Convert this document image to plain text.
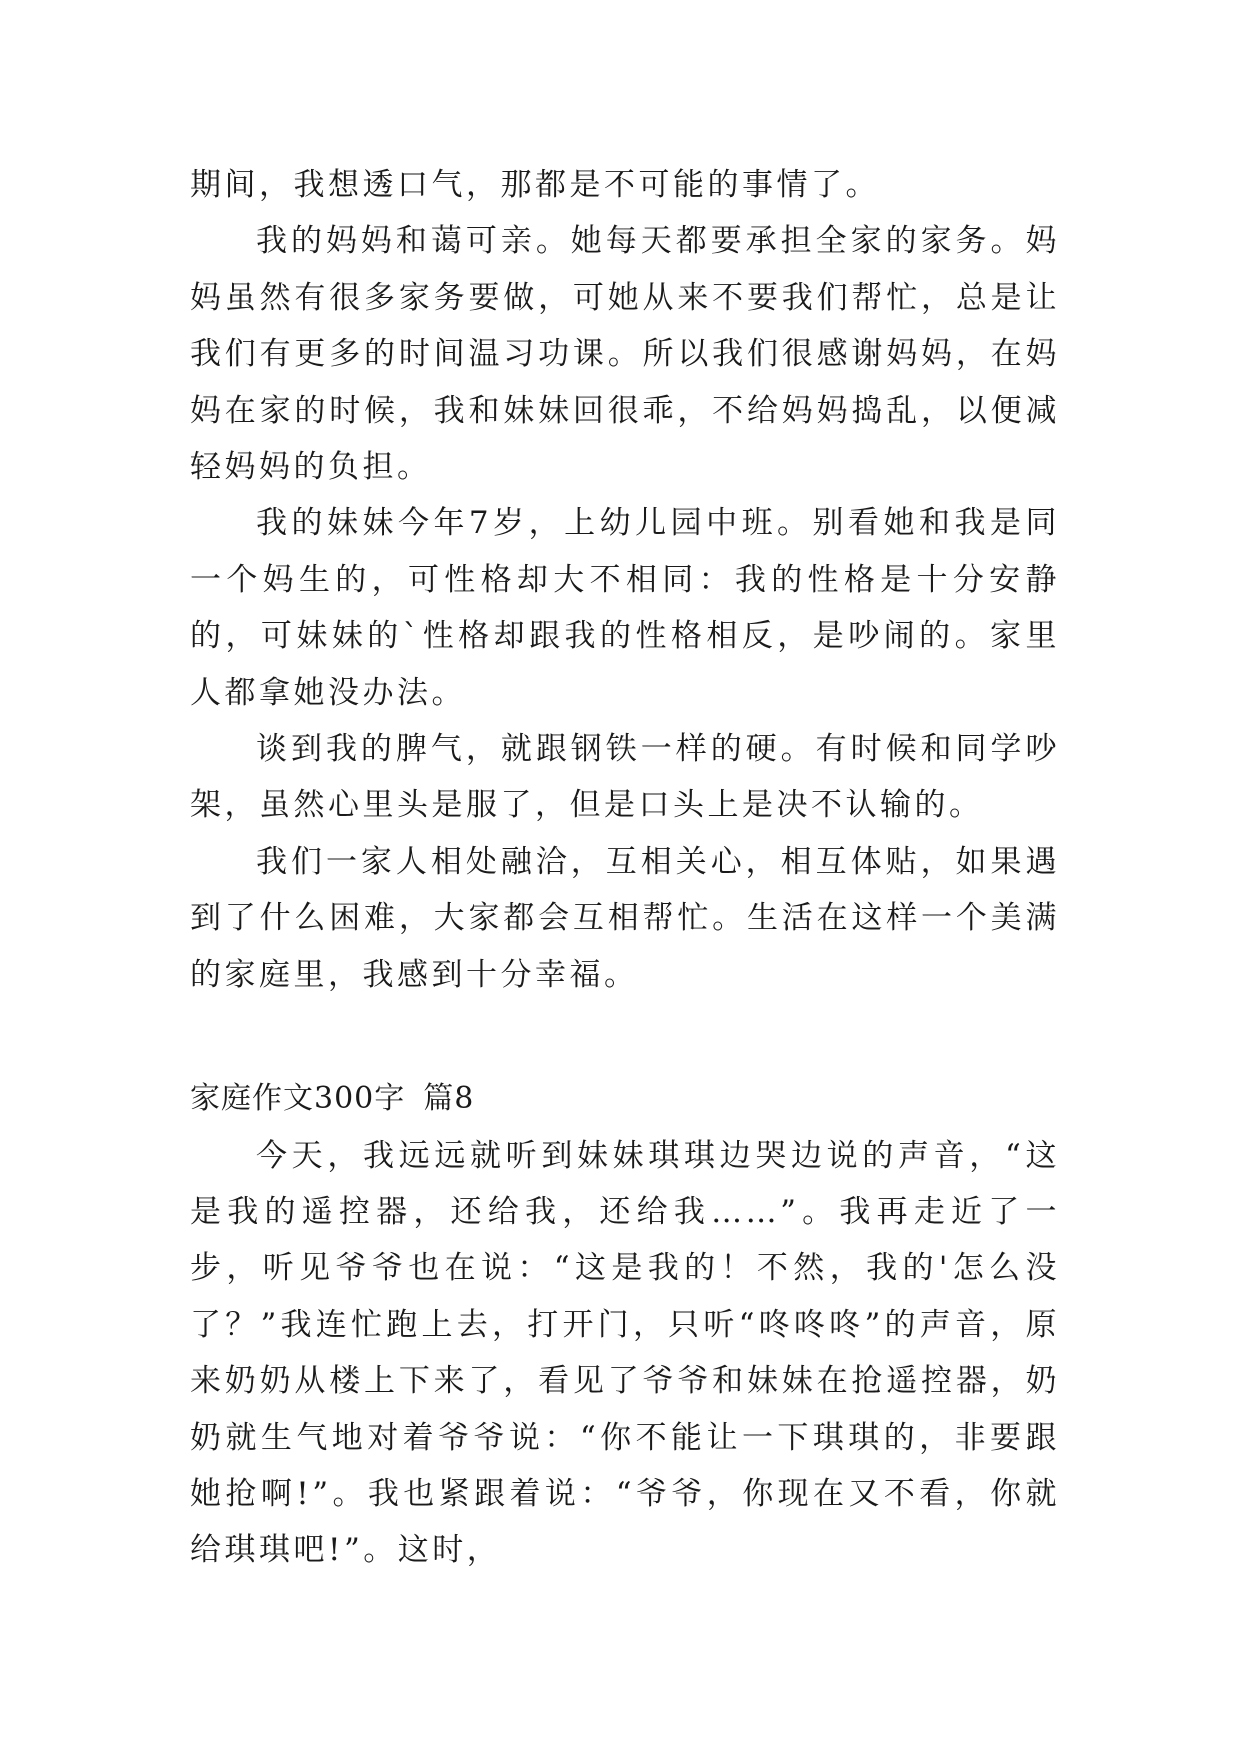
期间，我想透口气，那都是不可能的事情了。

我的妈妈和蔼可亲。她每天都要承担全家的家务。妈妈虽然有很多家务要做，可她从来不要我们帮忙，总是让我们有更多的时间温习功课。所以我们很感谢妈妈，在妈妈在家的时候，我和妹妹回很乖，不给妈妈捣乱，以便减轻妈妈的负担。

我的妹妹今年7岁，上幼儿园中班。别看她和我是同一个妈生的，可性格却大不相同：我的性格是十分安静的，可妹妹的`性格却跟我的性格相反，是吵闹的。家里人都拿她没办法。

谈到我的脾气，就跟钢铁一样的硬。有时候和同学吵架，虽然心里头是服了，但是口头上是决不认输的。

我们一家人相处融洽，互相关心，相互体贴，如果遇到了什么困难，大家都会互相帮忙。生活在这样一个美满的家庭里，我感到十分幸福。

家庭作文300字 篇8

今天，我远远就听到妹妹琪琪边哭边说的声音，“这是我的遥控器，还给我，还给我……”。我再走近了一步，听见爷爷也在说：“这是我的！不然，我的'怎么没了？”我连忙跑上去，打开门，只听“咚咚咚”的声音，原来奶奶从楼上下来了，看见了爷爷和妹妹在抢遥控器，奶奶就生气地对着爷爷说：“你不能让一下琪琪的，非要跟她抢啊!”。我也紧跟着说：“爷爷，你现在又不看，你就给琪琪吧!”。这时，
